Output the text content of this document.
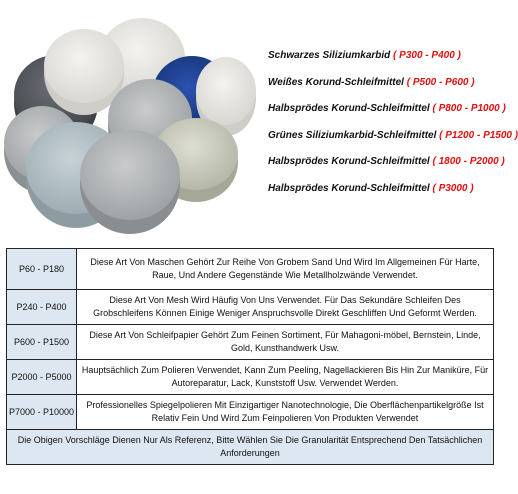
Schwarzes Siliziumkarbid ( P300 - P400 )
Weißes Korund-Schleifmittel ( P500 - P600 )
Halbsprödes Korund-Schleifmittel ( P800 - P1000 )
Grünes Siliziumkarbid-Schleifmittel ( P1200 - P1500 )
Halbsprödes Korund-Schleifmittel ( 1800 - P2000 )
Halbsprödes Korund-Schleifmittel ( P3000 )
P60 - P180	Diese Art Von Maschen Gehört Zur Reihe Von Grobem Sand Und Wird Im Allgemeinen Für Harte, Raue, Und Andere Gegenstände Wie Metallholzwände Verwendet.
P240 - P400	Diese Art Von Mesh Wird Häufig Von Uns Verwendet. Für Das Sekundäre Schleifen Des Grobschleifens Können Einige Weniger Anspruchsvolle Direkt Geschliffen Und Geformt Werden.
P600 - P1500	Diese Art Von Schleifpapier Gehört Zum Feinen Sortiment, Für Mahagoni-möbel, Bernstein, Linde, Gold, Kunsthandwerk Usw.
P2000 - P5000	Hauptsächlich Zum Polieren Verwendet, Kann Zum Peeling, Nagellackieren Bis Hin Zur Maniküre, Für Autoreparatur, Lack, Kunststoff Usw. Verwendet Werden.
P7000 - P10000	Professionelles Spiegelpolieren Mit Einzigartiger Nanotechnologie, Die Oberflächenpartikelgröße Ist Relativ Fein Und Wird Zum Feinpolieren Von Produkten Verwendet
Die Obigen Vorschläge Dienen Nur Als Referenz, Bitte Wählen Sie Die Granularität Entsprechend Den Tatsächlichen Anforderungen	
